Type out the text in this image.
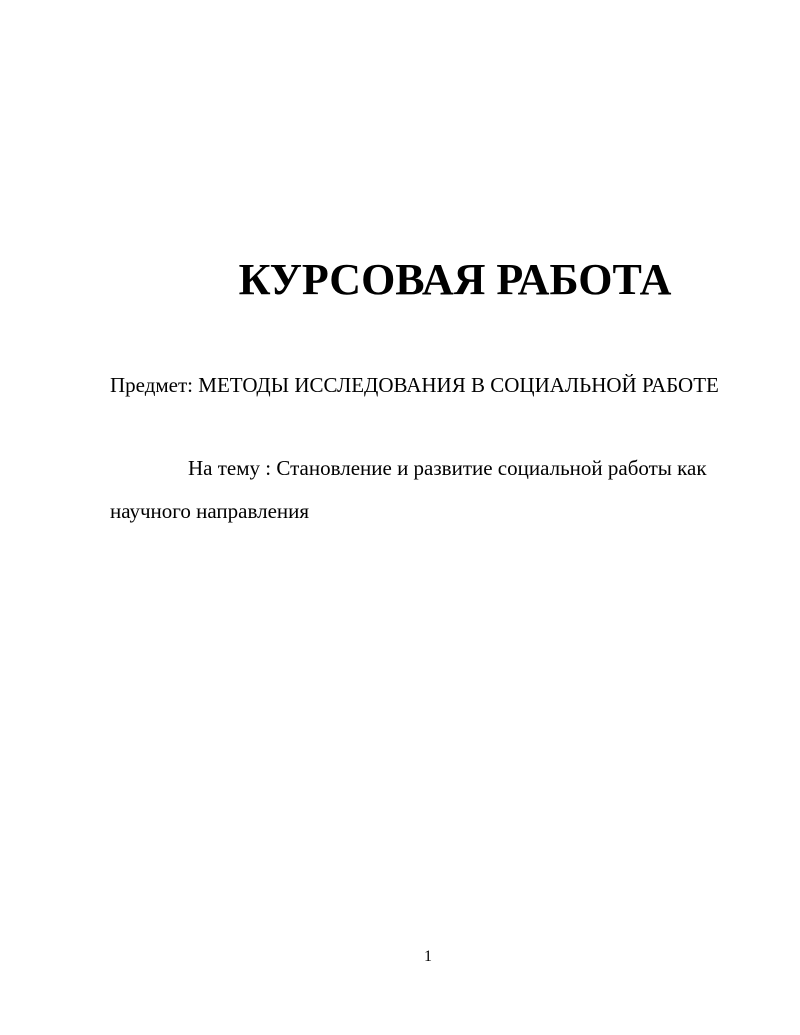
КУРСОВАЯ РАБОТА

Предмет: МЕТОДЫ ИССЛЕДОВАНИЯ В СОЦИАЛЬНОЙ РАБОТЕ

На тему : Становление и развитие социальной работы как научного направления

1
